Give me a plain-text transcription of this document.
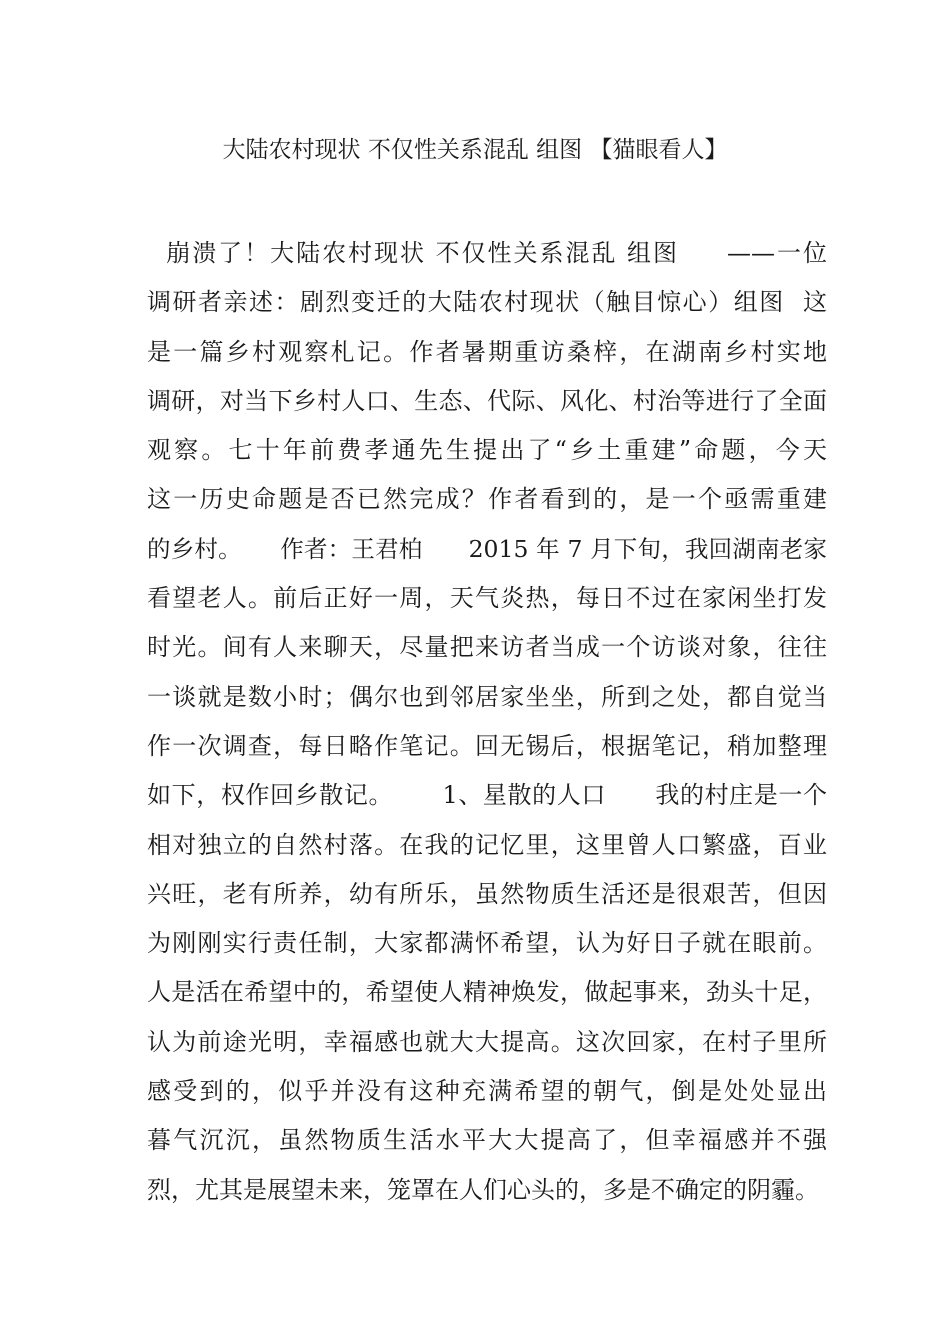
大陆农村现状 不仅性关系混乱 组图 【猫眼看人】
崩溃了！大陆农村现状 不仅性关系混乱 组图     ——一位
调研者亲述：剧烈变迁的大陆农村现状（触目惊心）组图  这
是一篇乡村观察札记。作者暑期重访桑梓，在湖南乡村实地
调研，对当下乡村人口、生态、代际、风化、村治等进行了全面
观察。七十年前费孝通先生提出了“乡土重建”命题，今天
这一历史命题是否已然完成？作者看到的，是一个亟需重建
的乡村。     作者：王君柏      2015 年 7 月下旬，我回湖南老家
看望老人。前后正好一周，天气炎热，每日不过在家闲坐打发
时光。间有人来聊天，尽量把来访者当成一个访谈对象，往往
一谈就是数小时；偶尔也到邻居家坐坐，所到之处，都自觉当
作一次调查，每日略作笔记。回无锡后，根据笔记，稍加整理
如下，权作回乡散记。      1、星散的人口      我的村庄是一个
相对独立的自然村落。在我的记忆里，这里曾人口繁盛，百业
兴旺，老有所养，幼有所乐，虽然物质生活还是很艰苦，但因
为刚刚实行责任制，大家都满怀希望，认为好日子就在眼前。
人是活在希望中的，希望使人精神焕发，做起事来，劲头十足，
认为前途光明，幸福感也就大大提高。这次回家，在村子里所
感受到的，似乎并没有这种充满希望的朝气，倒是处处显出
暮气沉沉，虽然物质生活水平大大提高了，但幸福感并不强
烈，尤其是展望未来，笼罩在人们心头的，多是不确定的阴霾。
